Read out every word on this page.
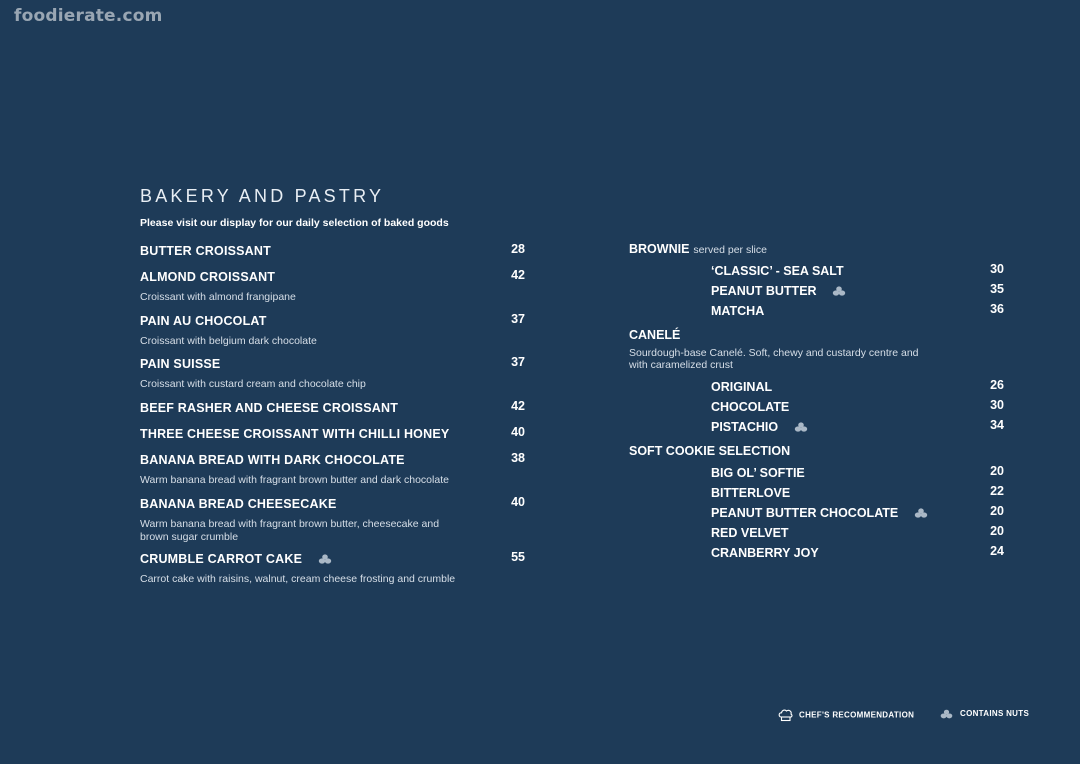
foodierate.com
BAKERY AND PASTRY
Please visit our display for our daily selection of baked goods
BUTTER CROISSANT	28
ALMOND CROISSANT	42
Croissant with almond frangipane
PAIN AU CHOCOLAT	37
Croissant with belgium dark chocolate
PAIN SUISSE	37
Croissant with custard cream and chocolate chip
BEEF RASHER AND CHEESE CROISSANT	42
THREE CHEESE CROISSANT WITH CHILLI HONEY	40
BANANA BREAD WITH DARK CHOCOLATE	38
Warm banana bread with fragrant brown butter and dark chocolate
BANANA BREAD CHEESECAKE	40
Warm banana bread with fragrant brown butter, cheesecake and brown sugar crumble
CRUMBLE CARROT CAKE	55
Carrot cake with raisins, walnut, cream cheese frosting and crumble
BROWNIE served per slice
‘CLASSIC’ - SEA SALT	30
PEANUT BUTTER	35
MATCHA	36
CANELÉ
Sourdough-base Canelé. Soft, chewy and custardy centre and with caramelized crust
ORIGINAL	26
CHOCOLATE	30
PISTACHIO	34
SOFT COOKIE SELECTION
BIG OL’ SOFTIE	20
BITTERLOVE	22
PEANUT BUTTER CHOCOLATE	20
RED VELVET	20
CRANBERRY JOY	24
CHEF'S RECOMMENDATION	CONTAINS NUTS
